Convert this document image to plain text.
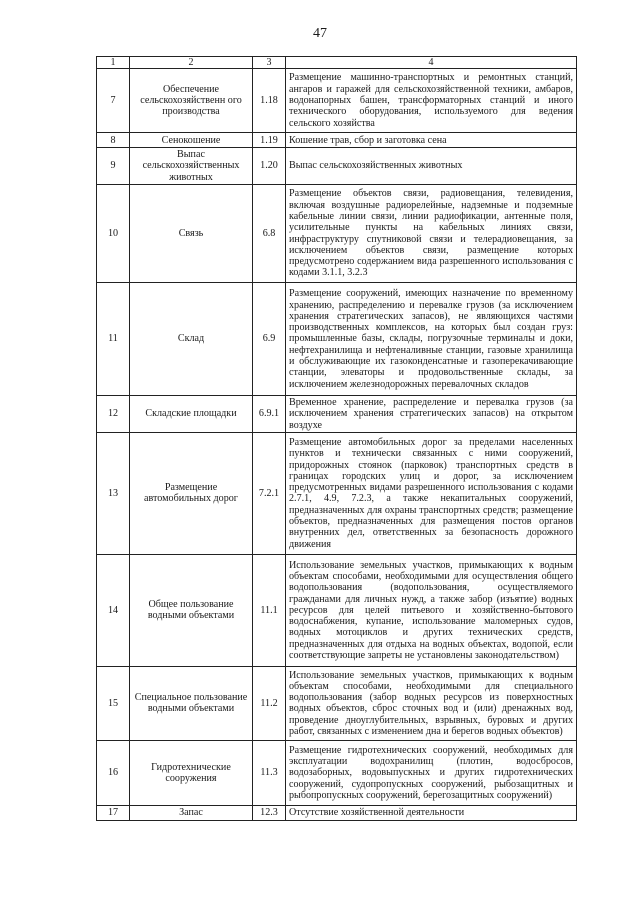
47
1	2	3	4
7	Обеспечение сельскохозяйственн ого производства	1.18	Размещение машинно-транспортных и ремонтных станций, ангаров и гаражей для сельскохозяйственной техники, амбаров, водонапорных башен, трансформаторных станций и иного технического оборудования, используемого для ведения сельского хозяйства
8	Сенокошение	1.19	Кошение трав, сбор и заготовка сена
9	Выпас сельскохозяйственных животных	1.20	Выпас сельскохозяйственных животных
10	Связь	6.8	Размещение объектов связи, радиовещания, телевидения, включая воздушные радиорелейные, надземные и подземные кабельные линии связи, линии радиофикации, антенные поля, усилительные пункты на кабельных линиях связи, инфраструктуру спутниковой связи и телерадиовещания, за исключением объектов связи, размещение которых предусмотрено содержанием вида разрешенного использования с кодами 3.1.1, 3.2.3
11	Склад	6.9	Размещение сооружений, имеющих назначение по временному хранению, распределению и перевалке грузов (за исключением хранения стратегических запасов), не являющихся частями производственных комплексов, на которых был создан груз: промышленные базы, склады, погрузочные терминалы и доки, нефтехранилища и нефтеналивные станции, газовые хранилища и обслуживающие их газоконденсатные и газоперекачивающие станции, элеваторы и продовольственные склады, за исключением железнодорожных перевалочных складов
12	Складские площадки	6.9.1	Временное хранение, распределение и перевалка грузов (за исключением хранения стратегических запасов) на открытом воздухе
13	Размещение автомобильных дорог	7.2.1	Размещение автомобильных дорог за пределами населенных пунктов и технически связанных с ними сооружений, придорожных стоянок (парковок) транспортных средств в границах городских улиц и дорог, за исключением предусмотренных видами разрешенного использования с кодами 2.7.1, 4.9, 7.2.3, а также некапитальных сооружений, предназначенных для охраны транспортных средств; размещение объектов, предназначенных для размещения постов органов внутренних дел, ответственных за безопасность дорожного движения
14	Общее пользование водными объектами	11.1	Использование земельных участков, примыкающих к водным объектам способами, необходимыми для осуществления общего водопользования (водопользования, осуществляемого гражданами для личных нужд, а также забор (изъятие) водных ресурсов для целей питьевого и хозяйственно-бытового водоснабжения, купание, использование маломерных судов, водных мотоциклов и других технических средств, предназначенных для отдыха на водных объектах, водопой, если соответствующие запреты не установлены законодательством)
15	Специальное пользование водными объектами	11.2	Использование земельных участков, примыкающих к водным объектам способами, необходимыми для специального водопользования (забор водных ресурсов из поверхностных водных объектов, сброс сточных вод и (или) дренажных вод, проведение дноуглубительных, взрывных, буровых и других работ, связанных с изменением дна и берегов водных объектов)
16	Гидротехнические сооружения	11.3	Размещение гидротехнических сооружений, необходимых для эксплуатации водохранилищ (плотин, водосбросов, водозаборных, водовыпускных и других гидротехнических сооружений, судопропускных сооружений, рыбозащитных и рыбопропускных сооружений, берегозащитных сооружений)
17	Запас	12.3	Отсутствие хозяйственной деятельности
